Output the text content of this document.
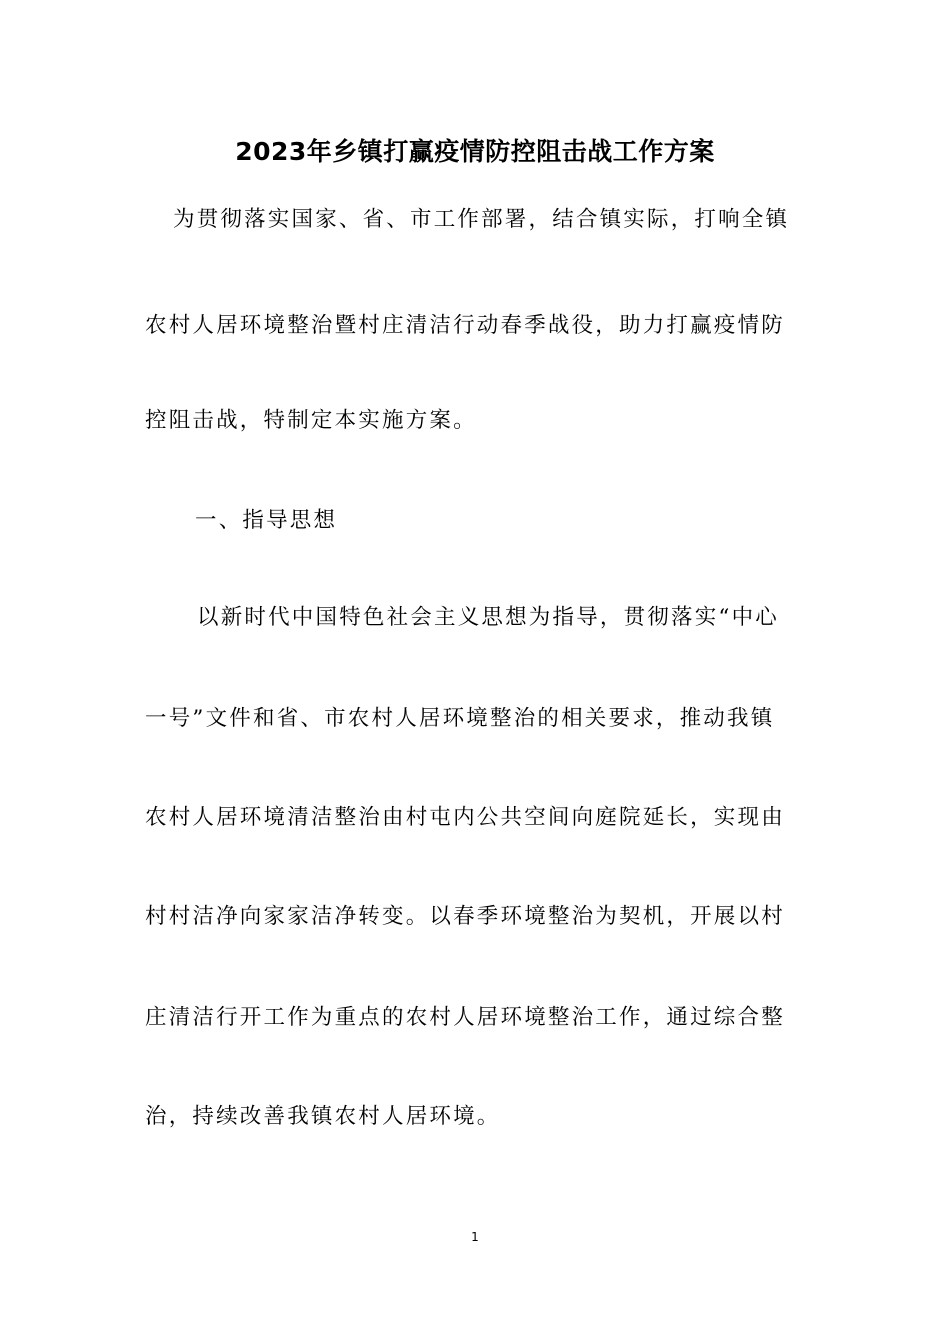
2023年乡镇打赢疫情防控阻击战工作方案
为贯彻落实国家、省、市工作部署，结合镇实际，打响全镇
农村人居环境整治暨村庄清洁行动春季战役，助力打赢疫情防
控阻击战，特制定本实施方案。
一、指导思想
以新时代中国特色社会主义思想为指导，贯彻落实“中心
一号”文件和省、市农村人居环境整治的相关要求，推动我镇
农村人居环境清洁整治由村屯内公共空间向庭院延长，实现由
村村洁净向家家洁净转变。以春季环境整治为契机，开展以村
庄清洁行开工作为重点的农村人居环境整治工作，通过综合整
治，持续改善我镇农村人居环境。
1
